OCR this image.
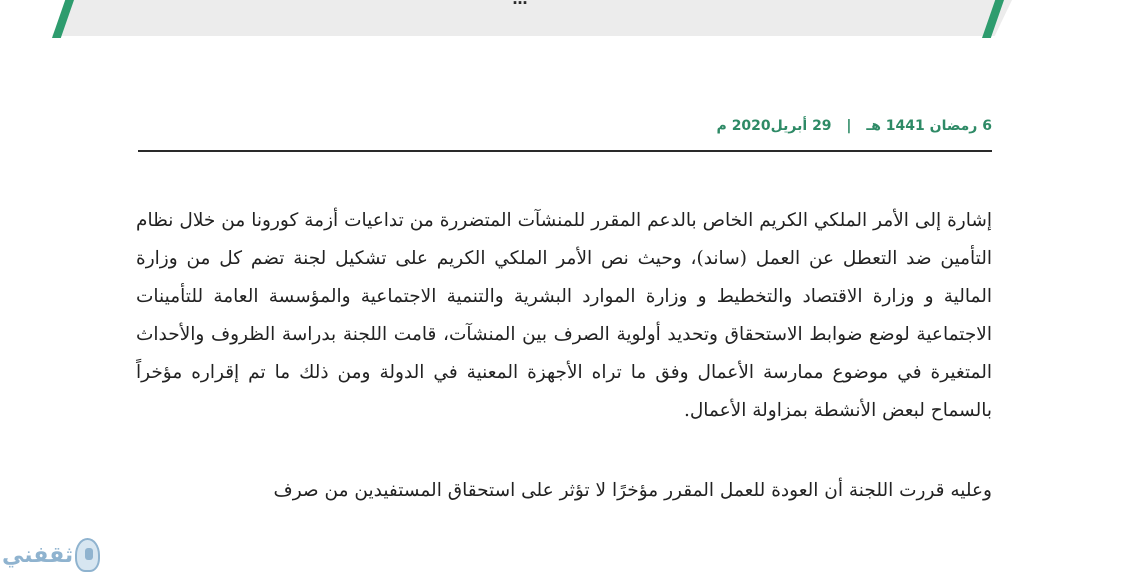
6 رمضان 1441 هـ | 29 أبريل2020 م

إشارة إلى الأمر الملكي الكريم الخاص بالدعم المقرر للمنشآت المتضررة من تداعيات أزمة كورونا من خلال نظام التأمين ضد التعطل عن العمل (ساند)، وحيث نص الأمر الملكي الكريم على تشكيل لجنة تضم كل من وزارة المالية و وزارة الاقتصاد والتخطيط و وزارة الموارد البشرية والتنمية الاجتماعية والمؤسسة العامة للتأمينات الاجتماعية لوضع ضوابط الاستحقاق وتحديد أولوية الصرف بين المنشآت، قامت اللجنة بدراسة الظروف والأحداث المتغيرة في موضوع ممارسة الأعمال وفق ما تراه الأجهزة المعنية في الدولة ومن ذلك ما تم إقراره مؤخراً بالسماح لبعض الأنشطة بمزاولة الأعمال.

وعليه قررت اللجنة أن العودة للعمل المقرر مؤخرًا لا تؤثر على استحقاق المستفيدين من صرف

ثقفني
